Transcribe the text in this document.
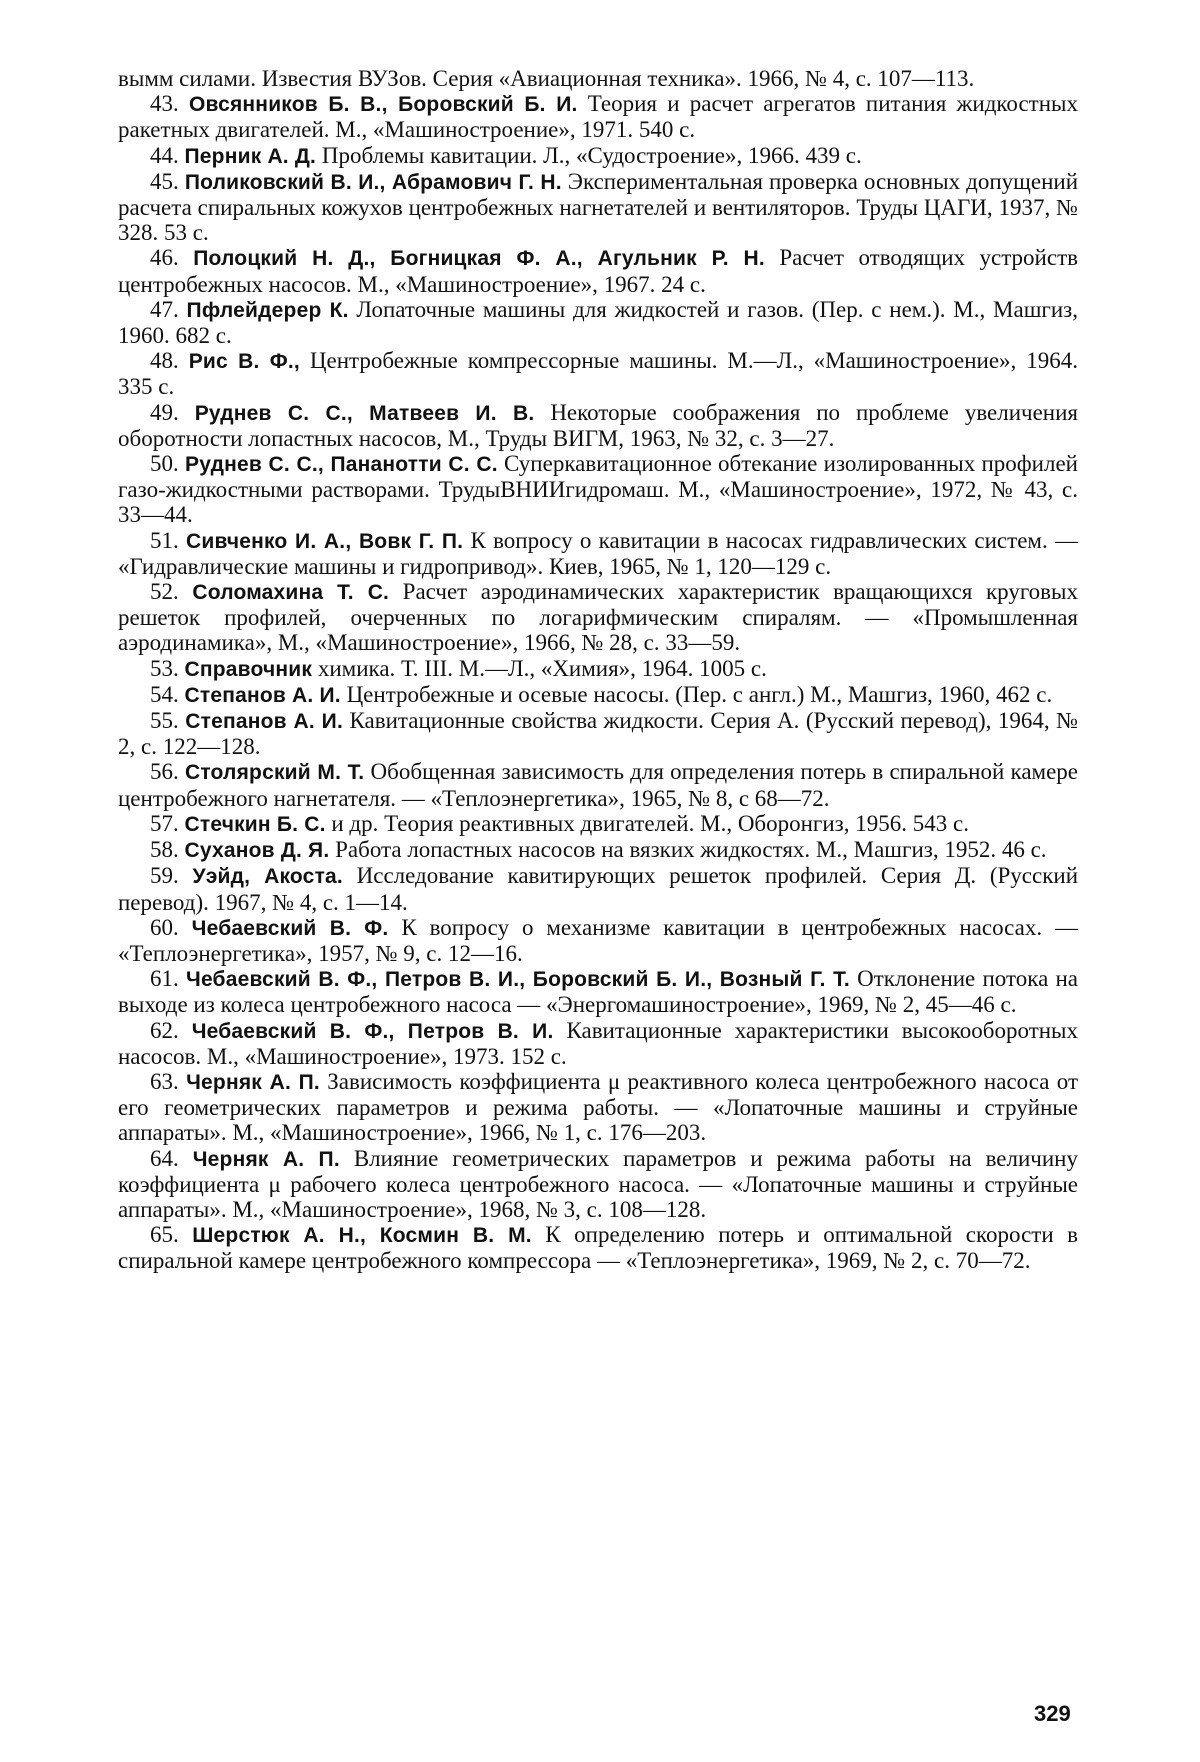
вымм силами. Известия ВУЗов. Серия «Авиационная техника». 1966, № 4, с. 107—113.

43. Овсянников Б. В., Боровский Б. И. Теория и расчет агрегатов питания жидкостных ракетных двигателей. М., «Машиностроение», 1971. 540 с.

44. Перник А. Д. Проблемы кавитации. Л., «Судостроение», 1966. 439 с.

45. Поликовский В. И., Абрамович Г. Н. Экспериментальная проверка основных допущений расчета спиральных кожухов центробежных нагнетателей и вентиляторов. Труды ЦАГИ, 1937, № 328. 53 с.

46. Полоцкий Н. Д., Богницкая Ф. А., Агульник Р. Н. Расчет отводящих устройств центробежных насосов. М., «Машиностроение», 1967. 24 с.

47. Пфлейдерер К. Лопаточные машины для жидкостей и газов. (Пер. с нем.). М., Машгиз, 1960. 682 с.

48. Рис В. Ф., Центробежные компрессорные машины. М.—Л., «Машиностроение», 1964. 335 с.

49. Руднев С. С., Матвеев И. В. Некоторые соображения по проблеме увеличения оборотности лопастных насосов, М., Труды ВИГМ, 1963, № 32, с. 3—27.

50. Руднев С. С., Пананотти С. С. Суперкавитационное обтекание изолированных профилей газо-жидкостными растворами. ТрудыВНИИгидромаш. М., «Машиностроение», 1972, № 43, с. 33—44.

51. Сивченко И. А., Вовк Г. П. К вопросу о кавитации в насосах гидравлических систем. — «Гидравлические машины и гидропривод». Киев, 1965, № 1, 120—129 с.

52. Соломахина Т. С. Расчет аэродинамических характеристик вращающихся круговых решеток профилей, очерченных по логарифмическим спиралям. — «Промышленная аэродинамика», М., «Машиностроение», 1966, № 28, с. 33—59.

53. Справочник химика. Т. III. М.—Л., «Химия», 1964. 1005 с.

54. Степанов А. И. Центробежные и осевые насосы. (Пер. с англ.) М., Машгиз, 1960, 462 с.

55. Степанов А. И. Кавитационные свойства жидкости. Серия А. (Русский перевод), 1964, № 2, с. 122—128.

56. Столярский М. Т. Обобщенная зависимость для определения потерь в спиральной камере центробежного нагнетателя. — «Теплоэнергетика», 1965, № 8, с 68—72.

57. Стечкин Б. С. и др. Теория реактивных двигателей. М., Оборонгиз, 1956. 543 с.

58. Суханов Д. Я. Работа лопастных насосов на вязких жидкостях. М., Машгиз, 1952. 46 с.

59. Уэйд, Акоста. Исследование кавитирующих решеток профилей. Серия Д. (Русский перевод). 1967, № 4, с. 1—14.

60. Чебаевский В. Ф. К вопросу о механизме кавитации в центробежных насосах. — «Теплоэнергетика», 1957, № 9, с. 12—16.

61. Чебаевский В. Ф., Петров В. И., Боровский Б. И., Возный Г. Т. Отклонение потока на выходе из колеса центробежного насоса — «Энергомашиностроение», 1969, № 2, 45—46 с.

62. Чебаевский В. Ф., Петров В. И. Кавитационные характеристики высокооборотных насосов. М., «Машиностроение», 1973. 152 с.

63. Черняк А. П. Зависимость коэффициента μ реактивного колеса центробежного насоса от его геометрических параметров и режима работы. — «Лопаточные машины и струйные аппараты». М., «Машиностроение», 1966, № 1, с. 176—203.

64. Черняк А. П. Влияние геометрических параметров и режима работы на величину коэффициента μ рабочего колеса центробежного насоса. — «Лопаточные машины и струйные аппараты». М., «Машиностроение», 1968, № 3, с. 108—128.

65. Шерстюк А. Н., Космин В. М. К определению потерь и оптимальной скорости в спиральной камере центробежного компрессора — «Теплоэнергетика», 1969, № 2, с. 70—72.

329
